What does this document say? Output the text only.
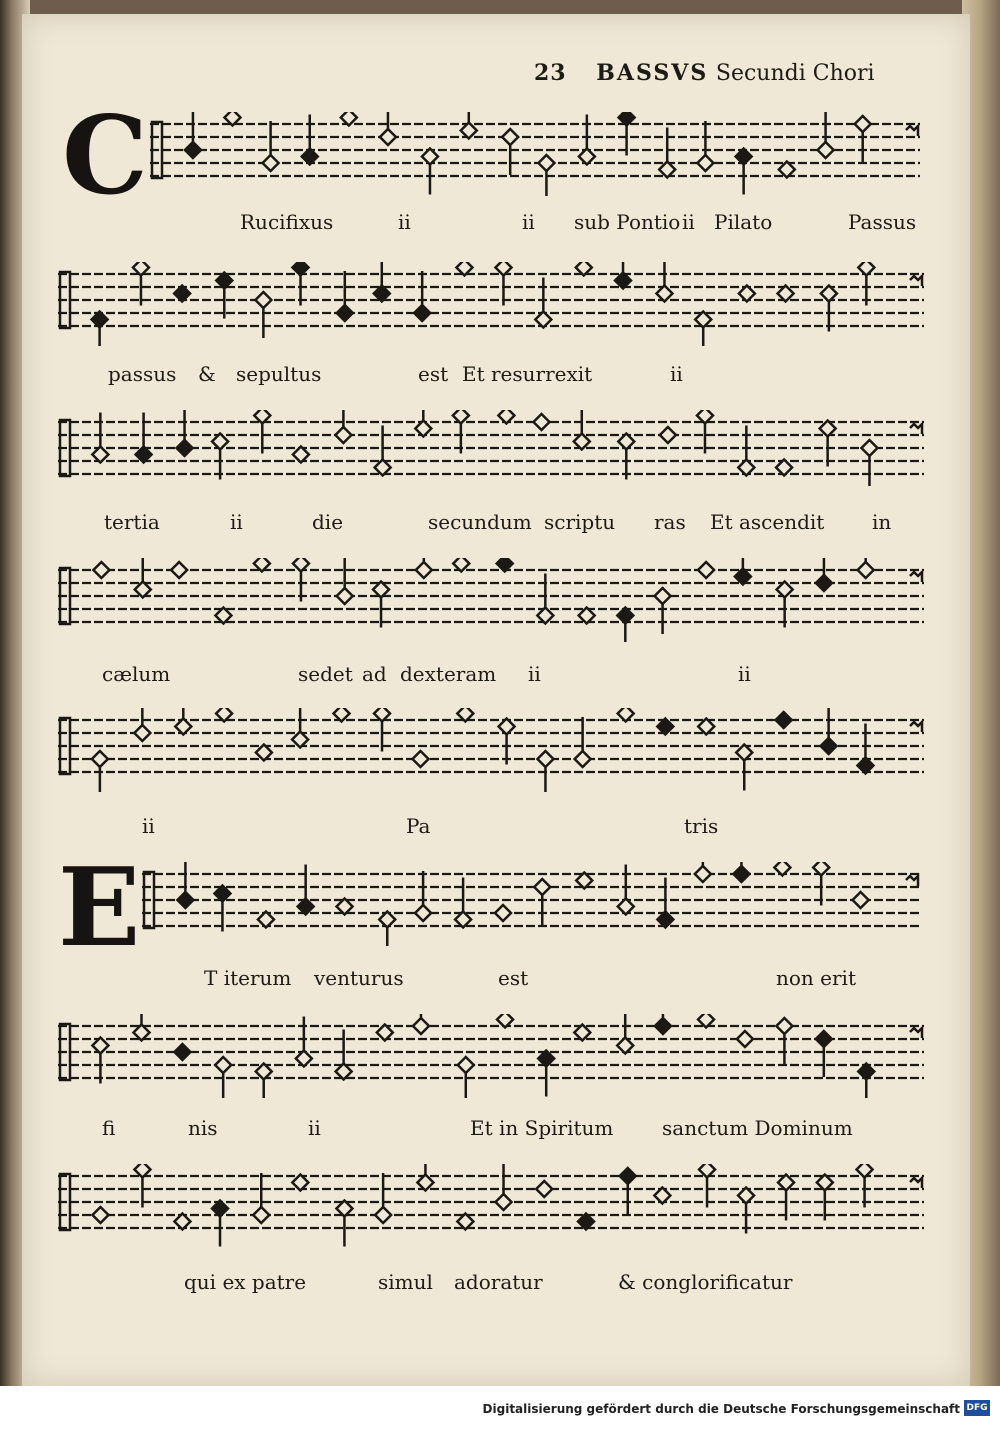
23 BASSVS Secundi Chori
C
E
Rucifixus	ii	ii sub Pontio ii Pilato	Passus
passus & sepultus	est Et resurrexit	ii
tertia	ii	die	secundum scriptu ras Et ascendit in
cælum	sedet ad dexteram ii	ii
ii	Pa	tris
T iterum venturus	est	non erit
fi	nis	ii	Et in Spiritum sanctum Dominum
qui ex patre	simul adoratur	& conglorificatur
Digitalisierung gefördert durch die Deutsche Forschungsgemeinschaft DFG
